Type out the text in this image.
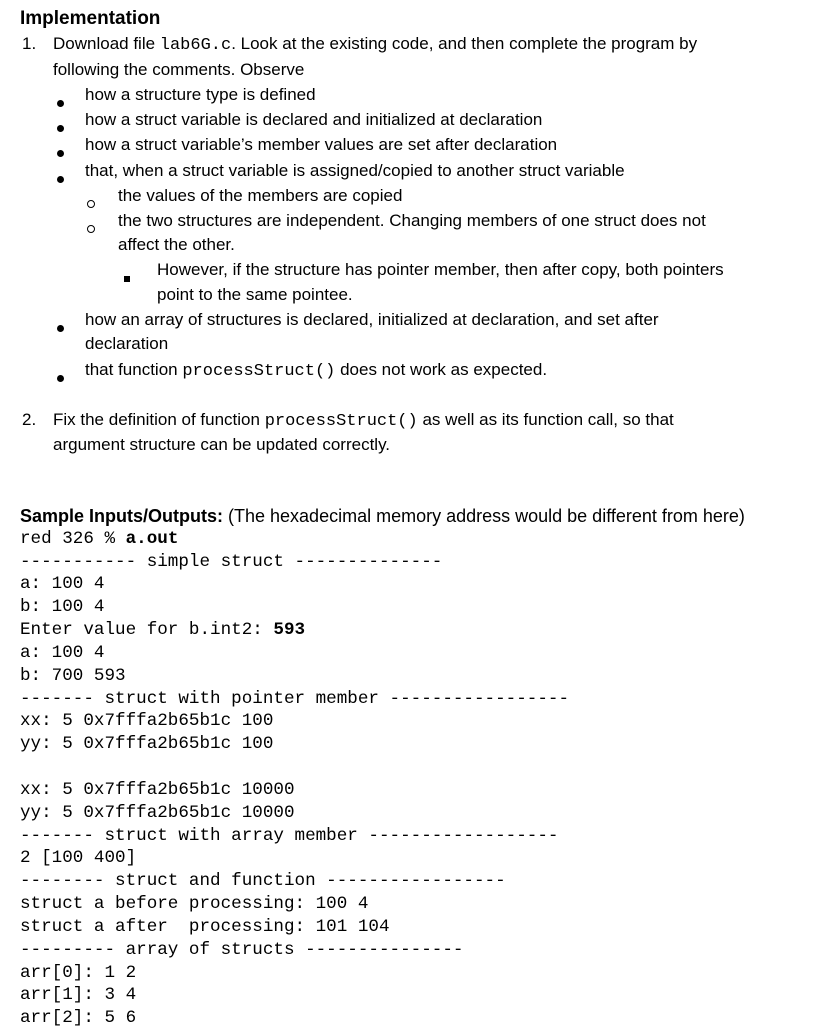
Implementation
1. Download file lab6G.c. Look at the existing code, and then complete the program by
following the comments. Observe
how a structure type is defined
how a struct variable is declared and initialized at declaration
how a struct variable’s member values are set after declaration
that, when a struct variable is assigned/copied to another struct variable
the values of the members are copied
the two structures are independent. Changing members of one struct does not
affect the other.
However, if the structure has pointer member, then after copy, both pointers
point to the same pointee.
how an array of structures is declared, initialized at declaration, and set after
declaration
that function processStruct() does not work as expected.
2. Fix the definition of function processStruct() as well as its function call, so that
argument structure can be updated correctly.
Sample Inputs/Outputs: (The hexadecimal memory address would be different from here)
red 326 % a.out
----------- simple struct --------------
a: 100 4
b: 100 4
Enter value for b.int2: 593
a: 100 4
b: 700 593
------- struct with pointer member -----------------
xx: 5 0x7fffa2b65b1c 100
yy: 5 0x7fffa2b65b1c 100
xx: 5 0x7fffa2b65b1c 10000
yy: 5 0x7fffa2b65b1c 10000
------- struct with array member ------------------
2 [100 400]
-------- struct and function -----------------
struct a before processing: 100 4
struct a after  processing: 101 104
--------- array of structs ---------------
arr[0]: 1 2
arr[1]: 3 4
arr[2]: 5 6
